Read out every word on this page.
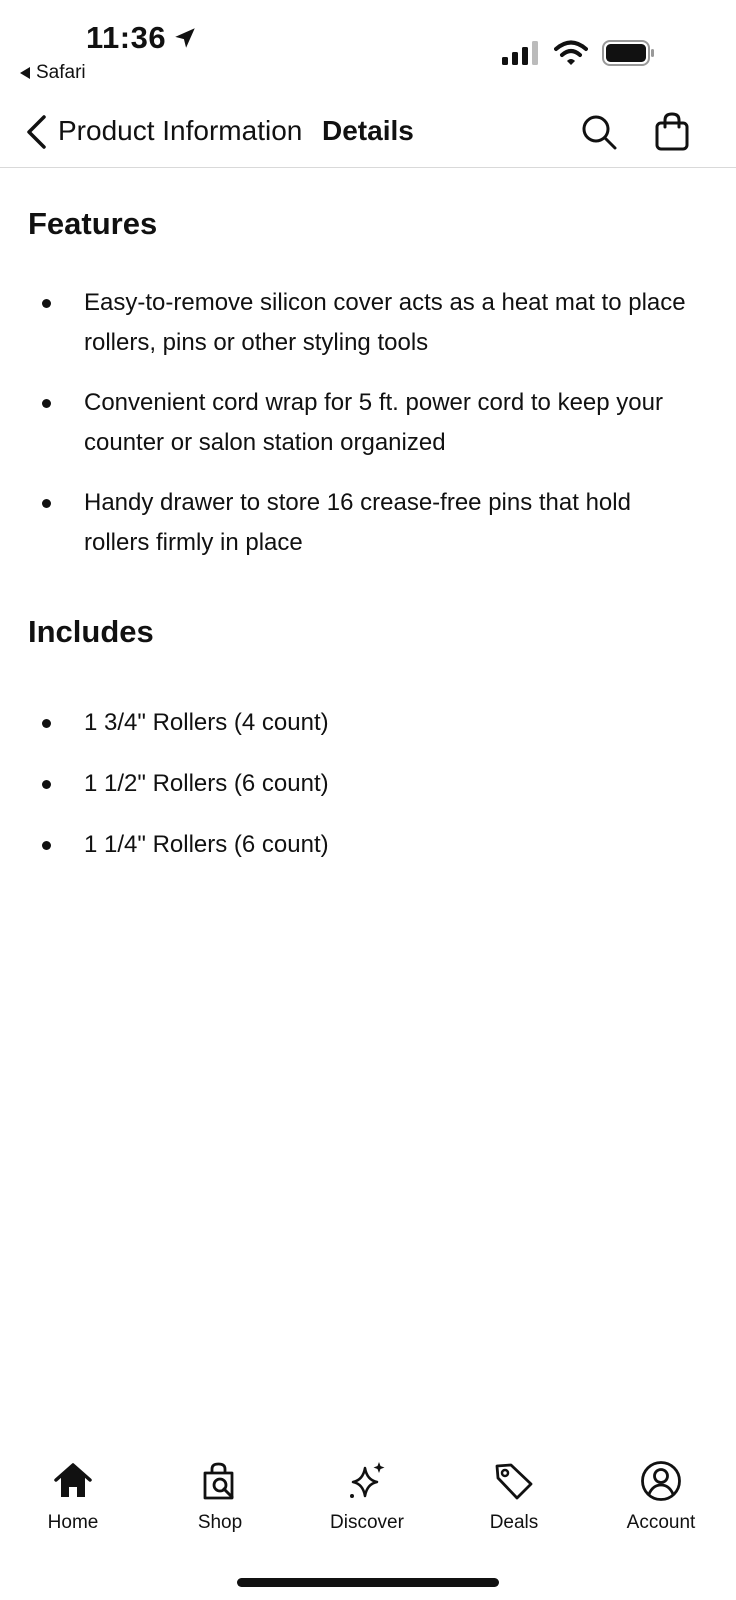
11:36
Safari
Product Information Details
Features
Easy-to-remove silicon cover acts as a heat mat to place rollers, pins or other styling tools
Convenient cord wrap for 5 ft. power cord to keep your counter or salon station organized
Handy drawer to store 16 crease-free pins that hold rollers firmly in place
Includes
1 3/4" Rollers (4 count)
1 1/2" Rollers (6 count)
1 1/4" Rollers (6 count)
Home	Shop	Discover	Deals	Account
